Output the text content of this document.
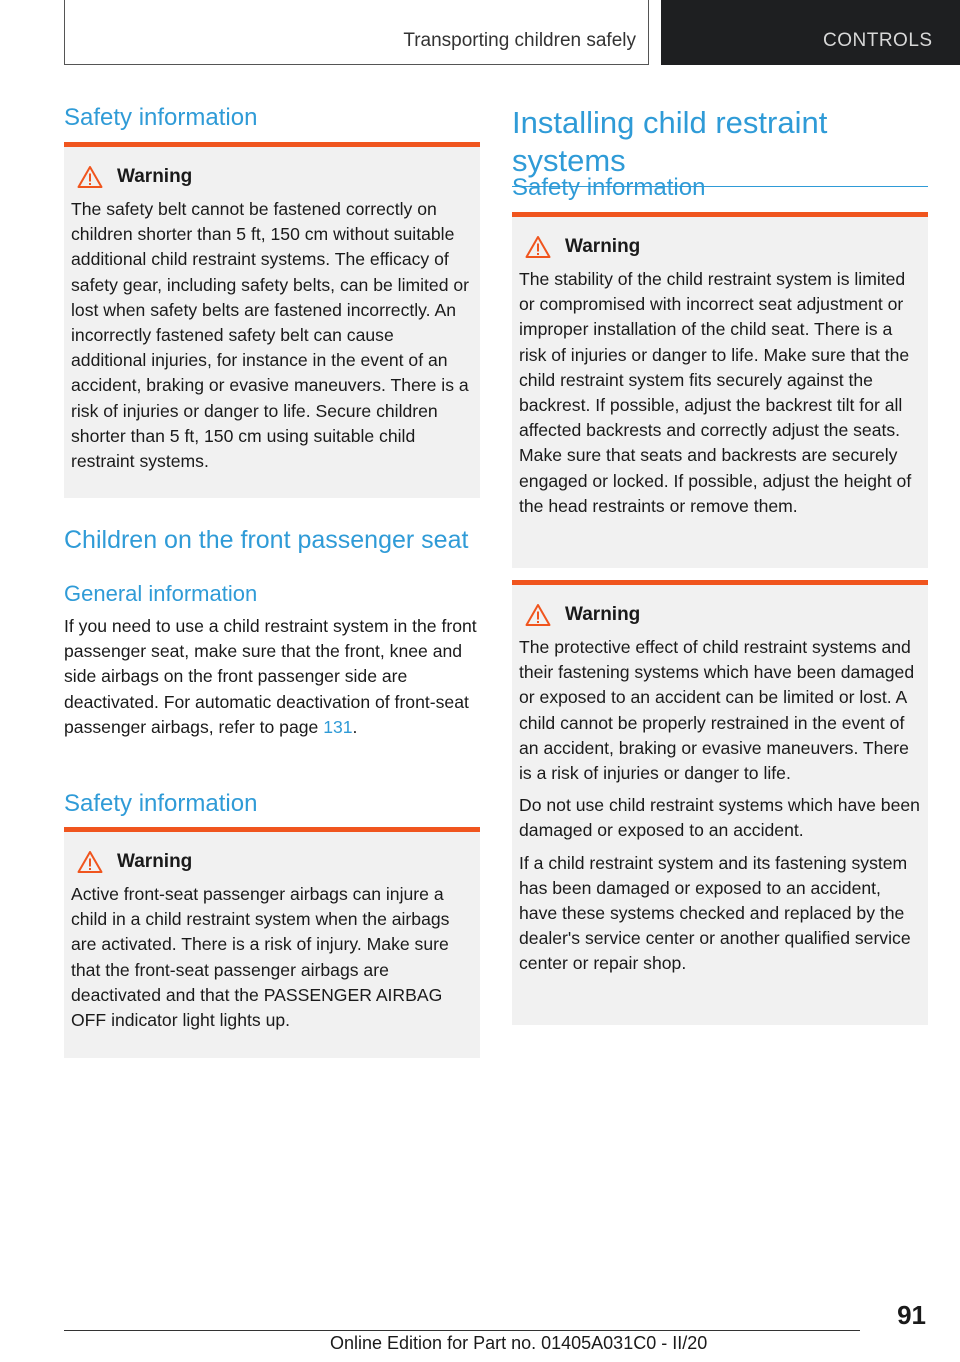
Transporting children safely	CONTROLS
Safety information
Warning

The safety belt cannot be fastened correctly on children shorter than 5 ft, 150 cm without suitable additional child restraint systems. The efficacy of safety gear, including safety belts, can be limited or lost when safety belts are fastened incorrectly. An incorrectly fastened safety belt can cause additional injuries, for instance in the event of an accident, braking or evasive maneuvers. There is a risk of injuries or danger to life. Secure children shorter than 5 ft, 150 cm using suitable child restraint systems.

Children on the front passenger seat
General information

If you need to use a child restraint system in the front passenger seat, make sure that the front, knee and side airbags on the front passenger side are deactivated. For automatic deactivation of front-seat passenger airbags, refer to page 131.

Safety information
Warning

Active front-seat passenger airbags can injure a child in a child restraint system when the airbags are activated. There is a risk of injury. Make sure that the front-seat passenger airbags are deactivated and that the PASSENGER AIRBAG OFF indicator light lights up.

Installing child restraint systems
Safety information
Warning

The stability of the child restraint system is limited or compromised with incorrect seat adjustment or improper installation of the child seat. There is a risk of injuries or danger to life. Make sure that the child restraint system fits securely against the backrest. If possible, adjust the backrest tilt for all affected backrests and correctly adjust the seats. Make sure that seats and backrests are securely engaged or locked. If possible, adjust the height of the head restraints or remove them.

Warning

The protective effect of child restraint systems and their fastening systems which have been damaged or exposed to an accident can be limited or lost. A child cannot be properly restrained in the event of an accident, braking or evasive maneuvers. There is a risk of injuries or danger to life.

Do not use child restraint systems which have been damaged or exposed to an accident.

If a child restraint system and its fastening system has been damaged or exposed to an accident, have these systems checked and replaced by the dealer's service center or another qualified service center or repair shop.

91
Online Edition for Part no. 01405A031C0 - II/20
